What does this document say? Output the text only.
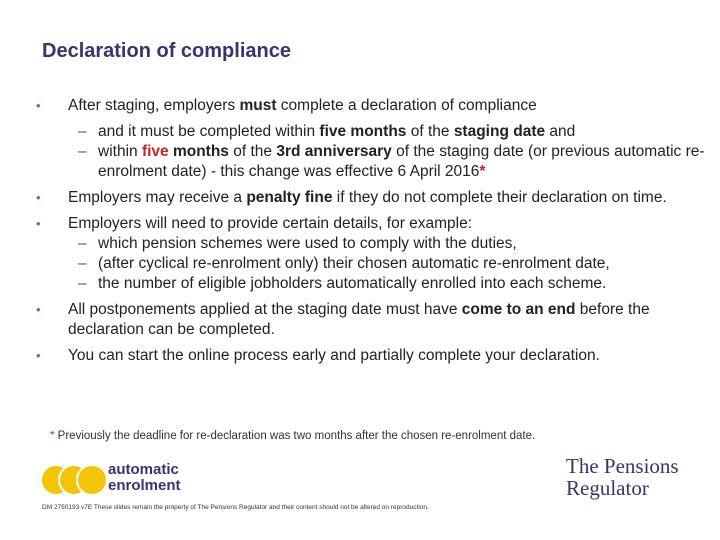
Declaration of compliance
• After staging, employers must complete a declaration of compliance
– and it must be completed within five months of the staging date and
– within five months of the 3rd anniversary of the staging date (or previous automatic re-enrolment date) - this change was effective 6 April 2016*
• Employers may receive a penalty fine if they do not complete their declaration on time.
• Employers will need to provide certain details, for example:
– which pension schemes were used to comply with the duties,
– (after cyclical re-enrolment only) their chosen automatic re-enrolment date,
– the number of eligible jobholders automatically enrolled into each scheme.
• All postponements applied at the staging date must have come to an end before the declaration can be completed.
• You can start the online process early and partially complete your declaration.
* Previously the deadline for re-declaration was two months after the chosen re-enrolment date.
automatic
enrolment
The Pensions
Regulator
DM 2750193 v7E These slides remain the property of The Pensions Regulator and their content should not be altered on reproduction.
